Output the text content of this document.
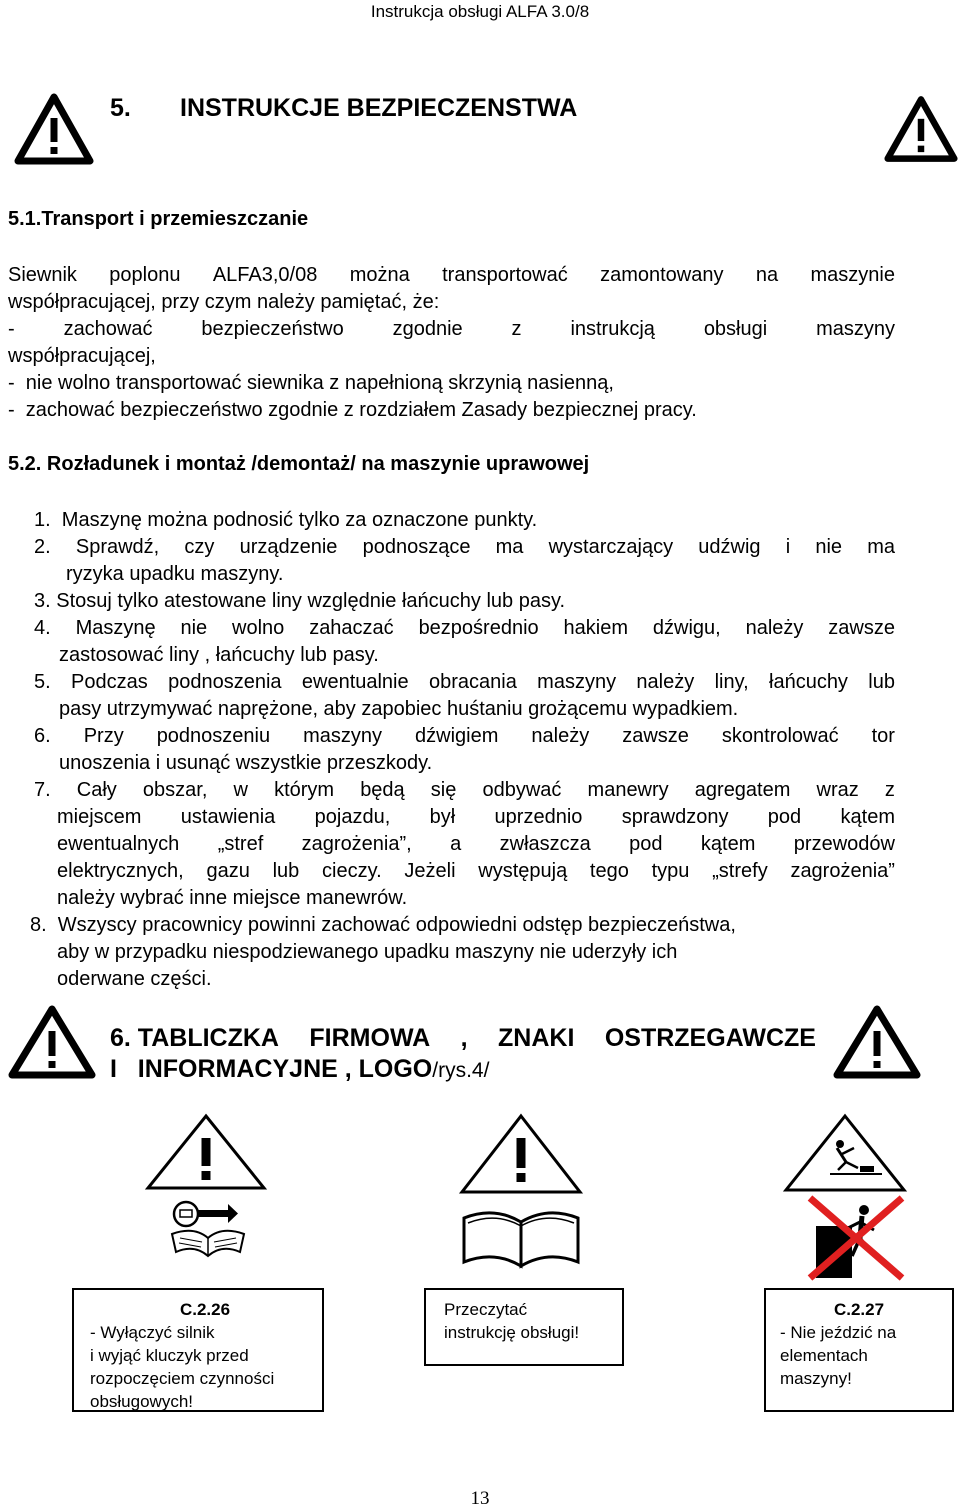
Instrukcja obsługi ALFA 3.0/8
5. INSTRUKCJE BEZPIECZENSTWA
5.1.Transport i przemieszczanie
Siewnik poplonu ALFA3,0/08 można transportować zamontowany na maszynie
współpracującej, przy czym należy pamiętać, że:
- zachować bezpieczeństwo zgodnie z instrukcją obsługi maszyny
współpracującej,
-  nie wolno transportować siewnika z napełnioną skrzynią nasienną,
-  zachować bezpieczeństwo zgodnie z rozdziałem Zasady bezpiecznej pracy.
5.2. Rozładunek i montaż /demontaż/ na maszynie uprawowej
1.  Maszynę można podnosić tylko za oznaczone punkty.
2. Sprawdź, czy urządzenie podnoszące ma wystarczający udźwig i nie ma
ryzyka upadku maszyny.
3. Stosuj tylko atestowane liny względnie łańcuchy lub pasy.
4. Maszynę nie wolno zahaczać bezpośrednio hakiem dźwigu, należy zawsze
zastosować liny , łańcuchy lub pasy.
5. Podczas podnoszenia ewentualnie obracania maszyny należy liny, łańcuchy lub
pasy utrzymywać naprężone, aby zapobiec huśtaniu grożącemu wypadkiem.
6. Przy podnoszeniu maszyny dźwigiem należy zawsze skontrolować tor
unoszenia i usunąć wszystkie przeszkody.
7. Cały obszar, w którym będą się odbywać manewry agregatem wraz z
miejscem ustawienia pojazdu, był uprzednio sprawdzony pod kątem
ewentualnych „stref zagrożenia”, a zwłaszcza pod kątem przewodów
elektrycznych, gazu lub cieczy. Jeżeli występują tego typu „strefy zagrożenia”
należy wybrać inne miejsce manewrów.
8.  Wszyscy pracownicy powinni zachować odpowiedni odstęp bezpieczeństwa,
aby w przypadku niespodziewanego upadku maszyny nie uderzyły ich
oderwane części.
6. TABLICZKA FIRMOWA , ZNAKI OSTRZEGAWCZE
I   INFORMACYJNE , LOGO/rys.4/
C.2.26
- Wyłączyć silnik
i wyjąć kluczyk przed
rozpoczęciem czynności
obsługowych!
Przeczytać
instrukcję obsługi!
C.2.27
- Nie jeździć na
elementach
maszyny!
13
